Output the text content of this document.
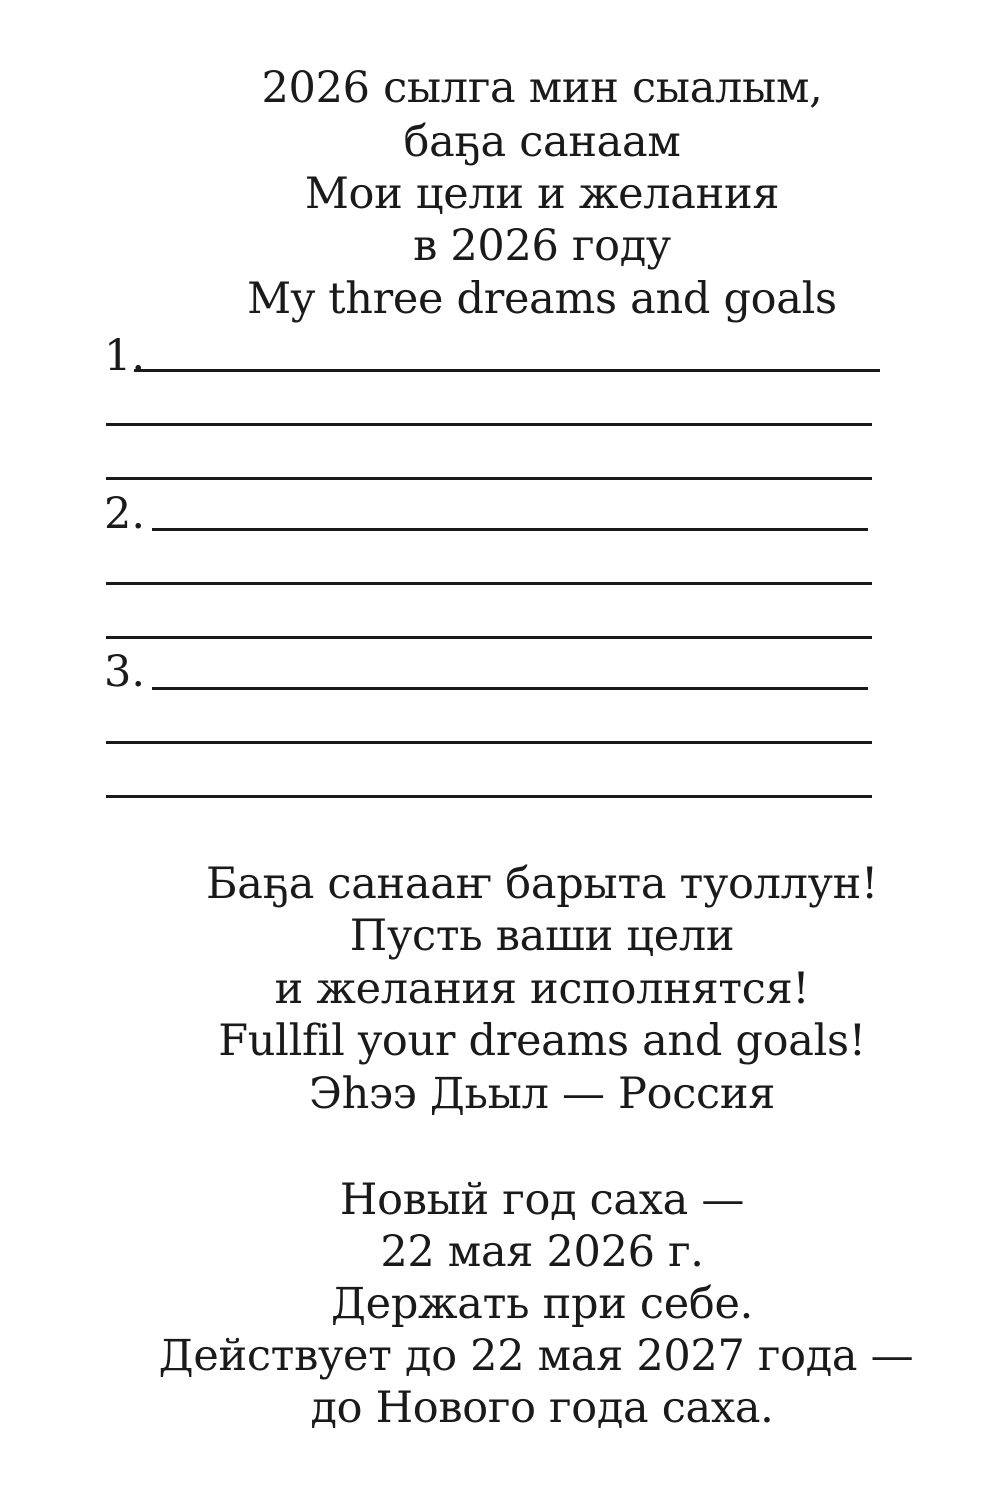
2026 сылга мин сыалым,
баҕа санаам
Мои цели и желания
в 2026 году
My three dreams and goals
1.
2.
3.
Баҕа санааҥ барыта туоллун!
Пусть ваши цели
и желания исполнятся!
Fullfil your dreams and goals!
Эһээ Дьыл — Россия
Новый год саха —
22 мая 2026 г.
Держать при себе.
Действует до 22 мая 2027 года —
до Нового года саха.
